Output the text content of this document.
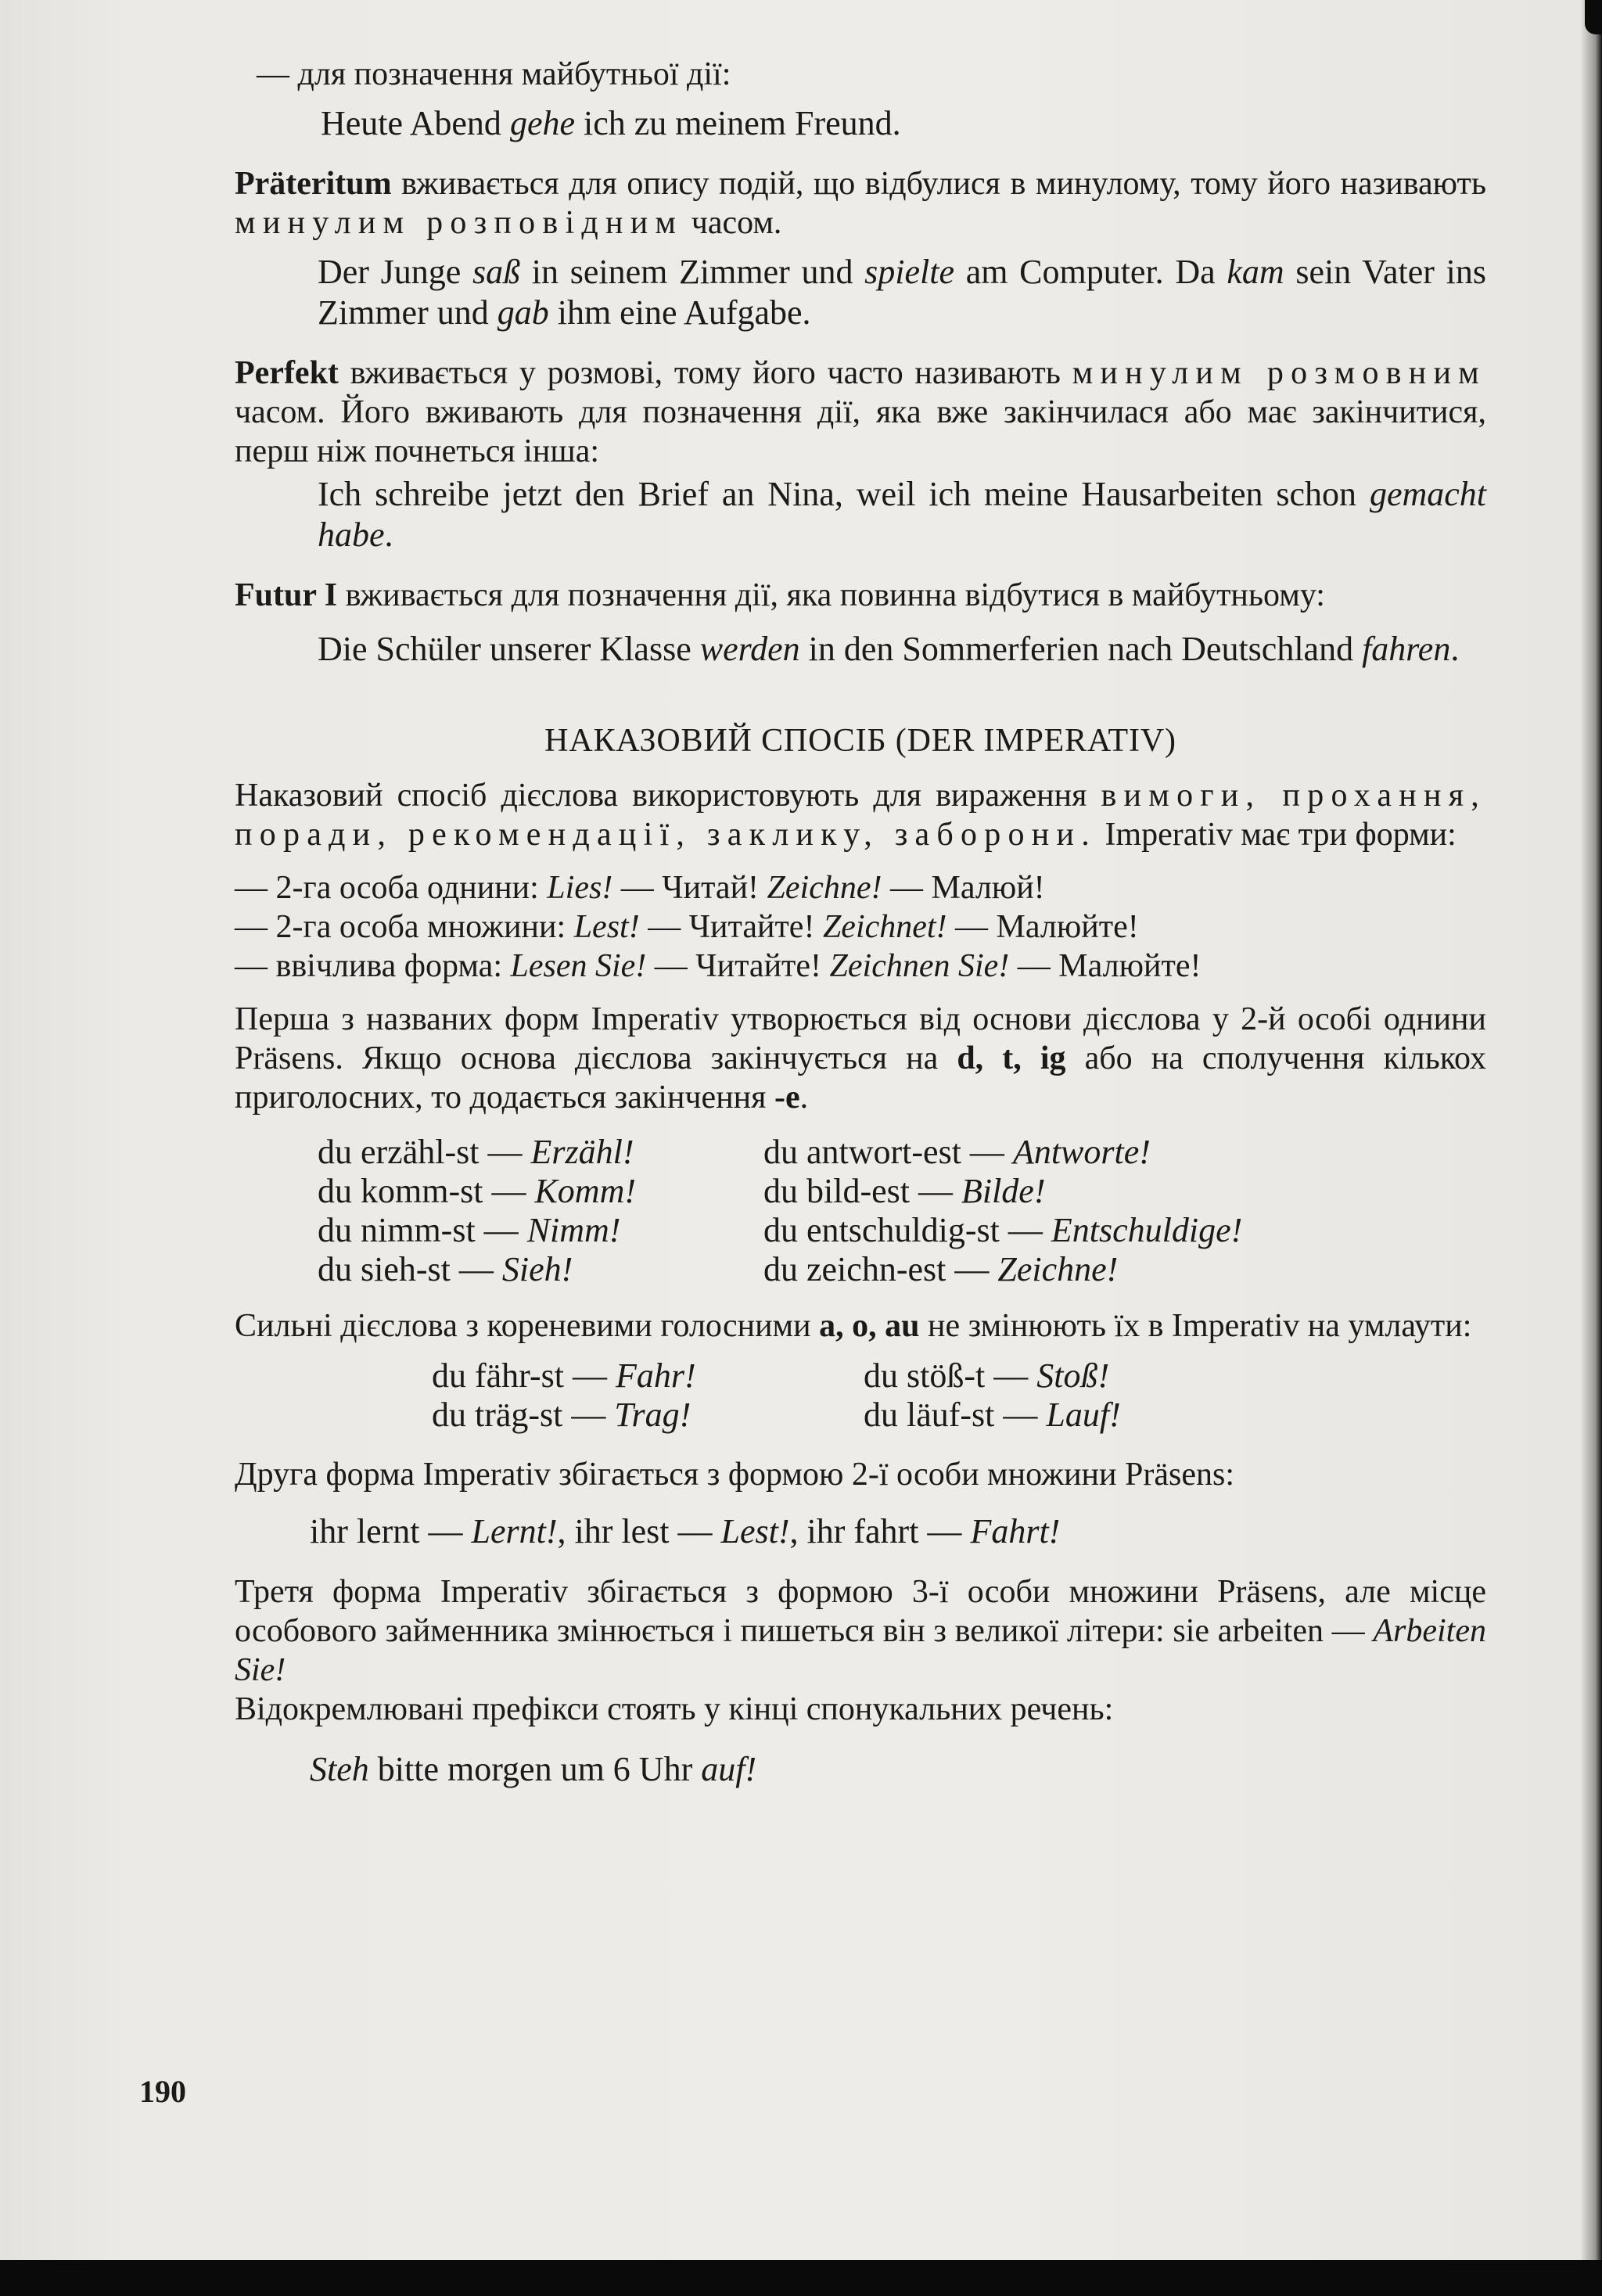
— для позначення майбутньої дії:

Heute Abend gehe ich zu meinem Freund.

Präteritum вживається для опису подій, що відбулися в минулому, тому його називають минулим розповідним часом.

Der Junge saß in seinem Zimmer und spielte am Computer. Da kam sein Vater ins Zimmer und gab ihm eine Aufgabe.

Perfekt вживається у розмові, тому його часто називають минулим розмовним часом. Його вживають для позначення дії, яка вже закінчилася або має закінчитися, перш ніж почнеться інша:

Ich schreibe jetzt den Brief an Nina, weil ich meine Hausarbeiten schon gemacht habe.

Futur I вживається для позначення дії, яка повинна відбутися в майбутньому:

Die Schüler unserer Klasse werden in den Sommerferien nach Deutschland fahren.

НАКАЗОВИЙ СПОСІБ (DER IMPERATIV)

Наказовий спосіб дієслова використовують для вираження вимоги, прохання, поради, рекомендації, заклику, заборони. Imperativ має три форми:

— 2-га особа однини: Lies! — Читай! Zeichne! — Малюй!

— 2-га особа множини: Lest! — Читайте! Zeichnet! — Малюйте!

— ввічлива форма: Lesen Sie! — Читайте! Zeichnen Sie! — Малюйте!

Перша з названих форм Imperativ утворюється від основи дієслова у 2-й особі однини Präsens. Якщо основа дієслова закінчується на d, t, ig або на сполучення кількох приголосних, то додається закінчення -e.

du erzähl-st — Erzähl!

du komm-st — Komm!

du nimm-st — Nimm!

du sieh-st — Sieh!

du antwort-est — Antworte!

du bild-est — Bilde!

du entschuldig-st — Entschuldige!

du zeichn-est — Zeichne!

Сильні дієслова з кореневими голосними a, o, au не змінюють їх в Imperativ на умлаути:

du fähr-st — Fahr!

du träg-st — Trag!

du stöß-t — Stoß!

du läuf-st — Lauf!

Друга форма Imperativ збігається з формою 2-ї особи множини Präsens:

ihr lernt — Lernt!, ihr lest — Lest!, ihr fahrt — Fahrt!

Третя форма Imperativ збігається з формою 3-ї особи множини Präsens, але місце особового займенника змінюється і пишеться він з великої літери: sie arbeiten — Arbeiten Sie!

Відокремлювані префікси стоять у кінці спонукальних речень:

Steh bitte morgen um 6 Uhr auf!

190
